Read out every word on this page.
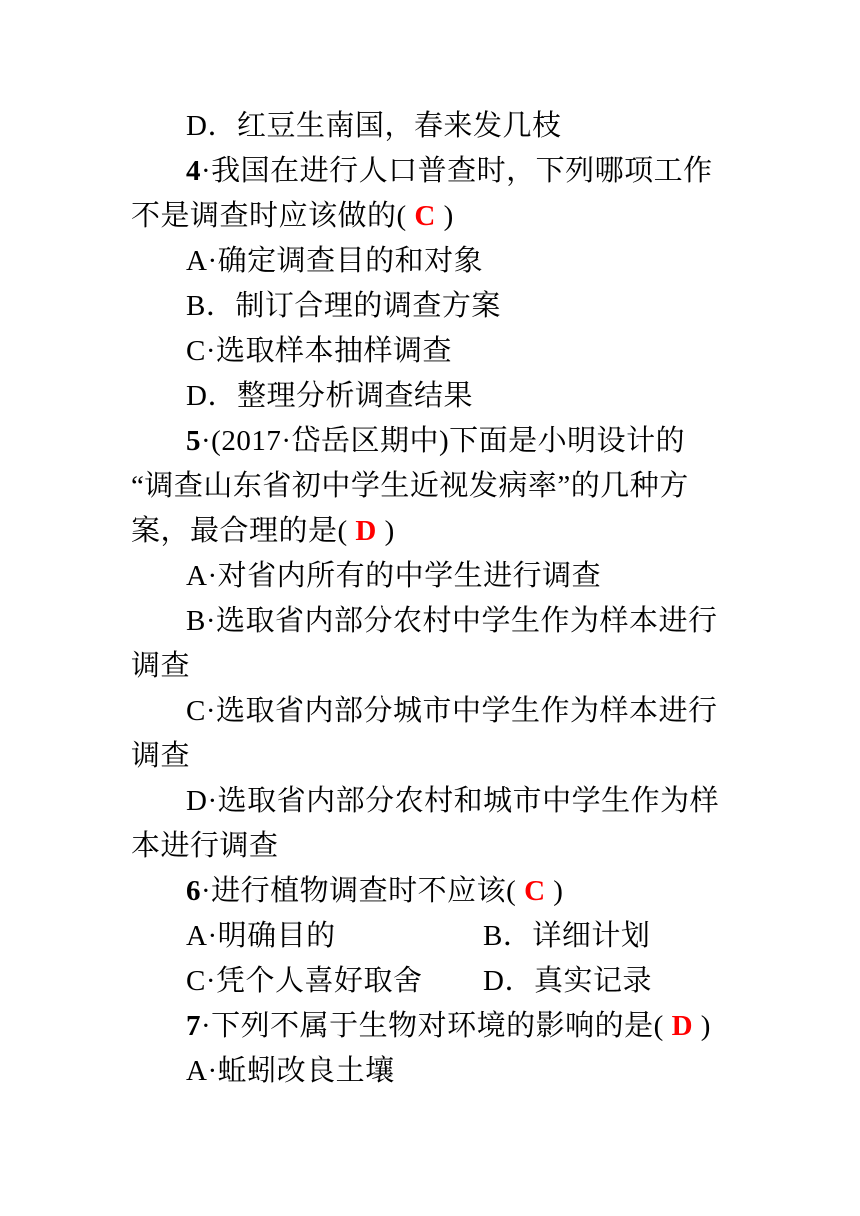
D．红豆生南国，春来发几枝
4·我国在进行人口普查时，下列哪项工作
不是调查时应该做的( C )
A·确定调查目的和对象
B．制订合理的调查方案
C·选取样本抽样调查
D．整理分析调查结果
5·(2017·岱岳区期中)下面是小明设计的
“调查山东省初中学生近视发病率”的几种方
案，最合理的是( D )
A·对省内所有的中学生进行调查
B·选取省内部分农村中学生作为样本进行
调查
C·选取省内部分城市中学生作为样本进行
调查
D·选取省内部分农村和城市中学生作为样
本进行调查
6·进行植物调查时不应该( C )
A·明确目的	B．详细计划
C·凭个人喜好取舍 D．真实记录
7·下列不属于生物对环境的影响的是( D )
A·蚯蚓改良土壤
